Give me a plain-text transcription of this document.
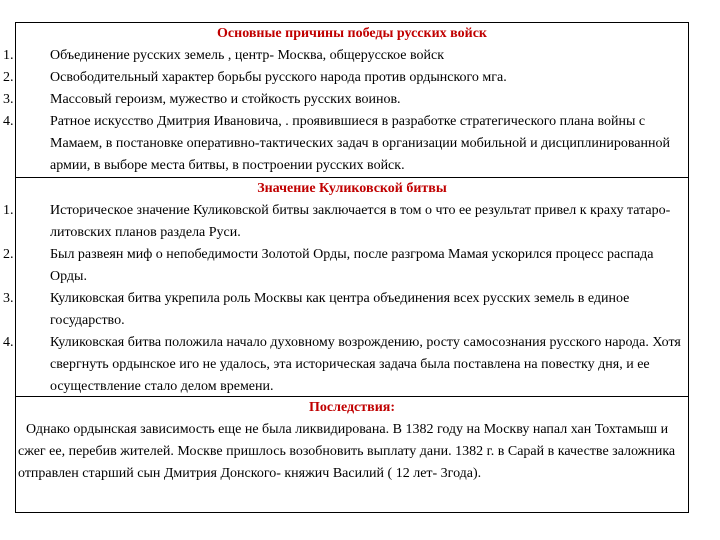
Основные причины победы русских войск
1.	Объединение русских земель , центр- Москва, общерусское войск
2.	Освободительный характер борьбы русского народа против ордынского мга.
3.	Массовый героизм, мужество и стойкость русских воинов.
4.	Ратное искусство Дмитрия Ивановича, . проявившиеся в разработке стратегического плана войны с Мамаем, в постановке оперативно-тактических задач в организации мобильной и дисциплинированной армии, в выборе места битвы, в построении русских войск.
Значение Куликовской битвы
1.	Историческое значение Куликовской битвы заключается в том о что ее результат привел к краху татаро-литовских планов раздела Руси.
2.	Был развеян миф о непобедимости Золотой Орды, после разгрома Мамая ускорился процесс распада Орды.
3.	Куликовская битва укрепила роль Москвы как центра объединения всех русских земель в единое государство.
4.	Куликовская битва положила начало духовному возрождению, росту самосознания русского народа. Хотя свергнуть ордынское иго не удалось, эта историческая задача была поставлена на повестку дня, и ее осуществление стало делом времени.
Последствия:
Однако ордынская зависимость еще не была ликвидирована. В 1382 году на Москву напал хан Тохтамыш и сжег ее, перебив жителей. Москве пришлось возобновить выплату дани. 1382 г. в Сарай в качестве заложника отправлен старший сын Дмитрия Донского- княжич Василий ( 12 лет- 3года).
